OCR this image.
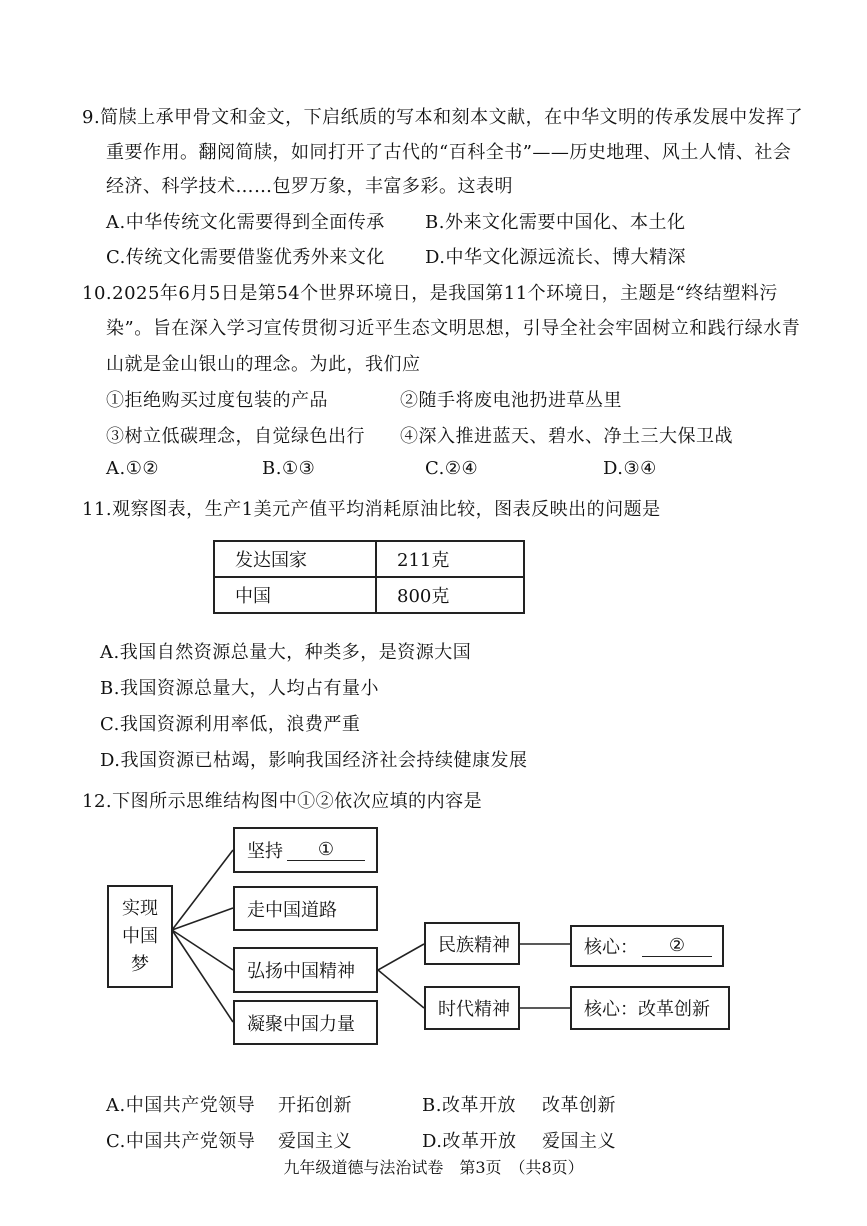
9.简牍上承甲骨文和金文，下启纸质的写本和刻本文献，在中华文明的传承发展中发挥了
重要作用。翻阅简牍，如同打开了古代的“百科全书”——历史地理、风土人情、社会
经济、科学技术……包罗万象，丰富多彩。这表明
A.中华传统文化需要得到全面传承 B.外来文化需要中国化、本土化
C.传统文化需要借鉴优秀外来文化 D.中华文化源远流长、博大精深
10.2025年6月5日是第54个世界环境日，是我国第11个环境日，主题是“终结塑料污
染”。旨在深入学习宣传贯彻习近平生态文明思想，引导全社会牢固树立和践行绿水青
山就是金山银山的理念。为此，我们应
①拒绝购买过度包装的产品	②随手将废电池扔进草丛里
③树立低碳理念，自觉绿色出行 ④深入推进蓝天、碧水、净土三大保卫战
A.①②	B.①③	C.②④	D.③④
11.观察图表，生产1美元产值平均消耗原油比较，图表反映出的问题是
发达国家	211克
中国	800克
A.我国自然资源总量大，种类多，是资源大国
B.我国资源总量大，人均占有量小
C.我国资源利用率低，浪费严重
D.我国资源已枯竭，影响我国经济社会持续健康发展
12.下图所示思维结构图中①②依次应填的内容是
实现
中国
梦
坚持	①
走中国道路
弘扬中国精神
凝聚中国力量
民族精神
时代精神
核心：	②
核心：改革创新
A.中国共产党领导 开拓创新	B.改革开放 改革创新
C.中国共产党领导 爱国主义	D.改革开放 爱国主义
九年级道德与法治试卷　第3页　（共8页）
